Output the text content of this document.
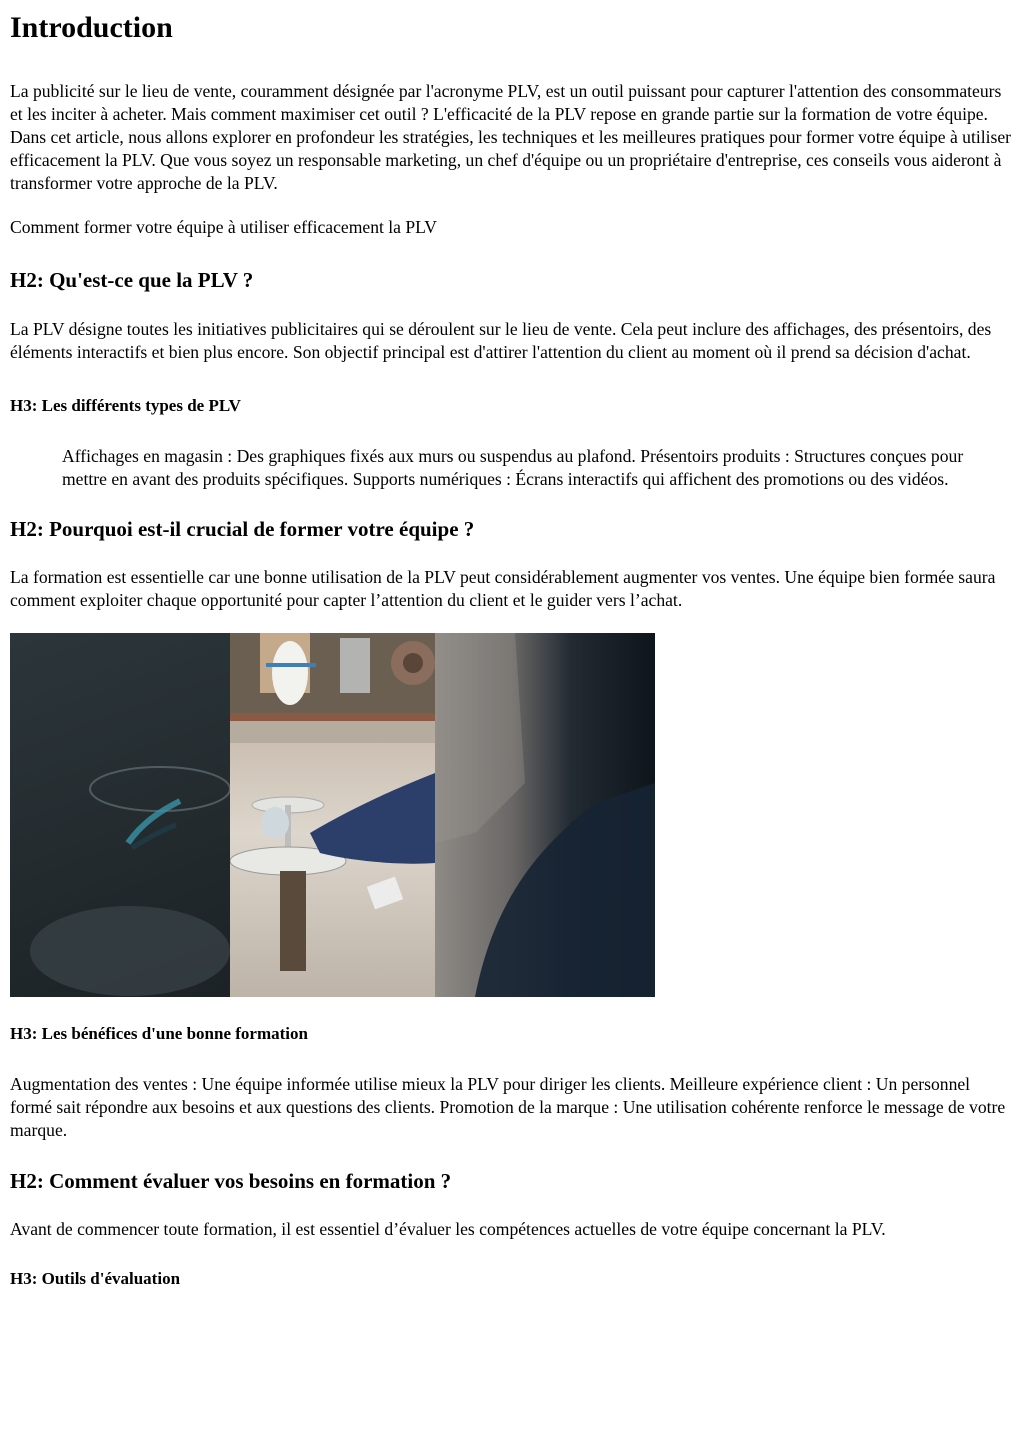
Introduction

La publicité sur le lieu de vente, couramment désignée par l'acronyme PLV, est un outil puissant pour capturer l'attention des consommateurs et les inciter à acheter. Mais comment maximiser cet outil ? L'efficacité de la PLV repose en grande partie sur la formation de votre équipe. Dans cet article, nous allons explorer en profondeur les stratégies, les techniques et les meilleures pratiques pour former votre équipe à utiliser efficacement la PLV. Que vous soyez un responsable marketing, un chef d'équipe ou un propriétaire d'entreprise, ces conseils vous aideront à transformer votre approche de la PLV.

Comment former votre équipe à utiliser efficacement la PLV

H2: Qu'est-ce que la PLV ?

La PLV désigne toutes les initiatives publicitaires qui se déroulent sur le lieu de vente. Cela peut inclure des affichages, des présentoirs, des éléments interactifs et bien plus encore. Son objectif principal est d'attirer l'attention du client au moment où il prend sa décision d'achat.

H3: Les différents types de PLV

Affichages en magasin : Des graphiques fixés aux murs ou suspendus au plafond. Présentoirs produits : Structures conçues pour mettre en avant des produits spécifiques. Supports numériques : Écrans interactifs qui affichent des promotions ou des vidéos.

H2: Pourquoi est-il crucial de former votre équipe ?

La formation est essentielle car une bonne utilisation de la PLV peut considérablement augmenter vos ventes. Une équipe bien formée saura comment exploiter chaque opportunité pour capter l’attention du client et le guider vers l’achat.

H3: Les bénéfices d'une bonne formation

Augmentation des ventes : Une équipe informée utilise mieux la PLV pour diriger les clients. Meilleure expérience client : Un personnel formé sait répondre aux besoins et aux questions des clients. Promotion de la marque : Une utilisation cohérente renforce le message de votre marque.

H2: Comment évaluer vos besoins en formation ?

Avant de commencer toute formation, il est essentiel d’évaluer les compétences actuelles de votre équipe concernant la PLV.

H3: Outils d'évaluation
